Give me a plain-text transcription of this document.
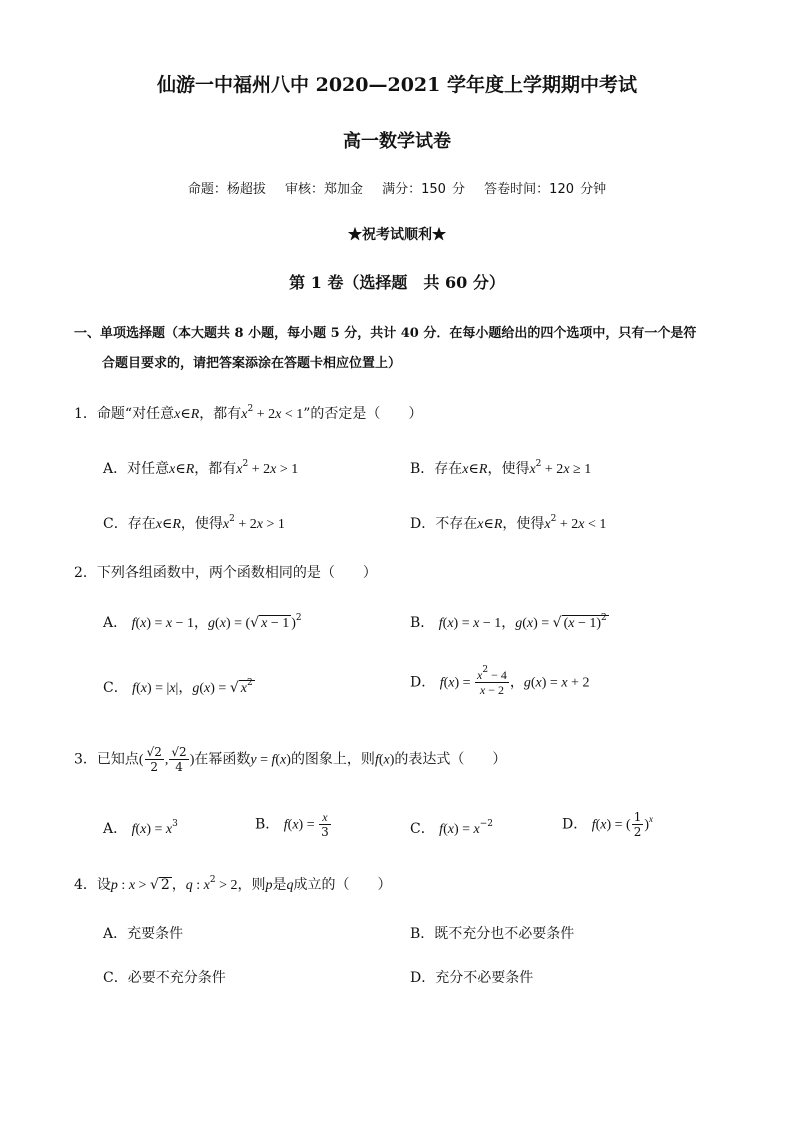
仙游一中福州八中 2020—2021 学年度上学期期中考试
高一数学试卷
命题：杨超拔　 审核：郑加金　 满分：150 分　 答卷时间：120 分钟
★祝考试顺利★
第 1 卷（选择题　共 60 分）
一、单项选择题（本大题共 8 小题，每小题 5 分，共计 40 分．在每小题给出的四个选项中，只有一个是符
合题目要求的，请把答案添涂在答题卡相应位置上）
1．命题“对任意x∈R，都有$x^2 + 2x < 1$”的否定是（　　）
A．对任意x∈R，都有$x^2 + 2x > 1$	B．存在x∈R，使得$x^2 + 2x \ge 1$
C．存在x∈R，使得$x^2 + 2x > 1$	D．不存在x∈R，使得$x^2 + 2x < 1$
2．下列各组函数中，两个函数相同的是（　　）
A． f(x) = x − 1，g(x) = (√ x − 1 )$^2$	B． f(x) = x − 1，g(x) = √ $(x - 1)^2$
C． f(x) = |x|，g(x) = √ $x^2$	D． $f(x) = \frac{x^2 - 4}{x - 2}$ ，g(x) = x + 2
3．已知点( $\frac{√2}{2}$ , $\frac{√2}{4}$ )在幂函数y = f(x)的图象上，则f(x)的表达式（　　）
A． $f(x) = x^3$	B． $f(x) = \frac{x}{3}$	C． $f(x) = x^{-2}$	D． f(x) = ( $\frac{1}{2} )^x$
4．设p : x > √ 2 ，q : $x^2 > 2$，则p是q成立的（　　）
A．充要条件	B．既不充分也不必要条件
C．必要不充分条件	D．充分不必要条件
